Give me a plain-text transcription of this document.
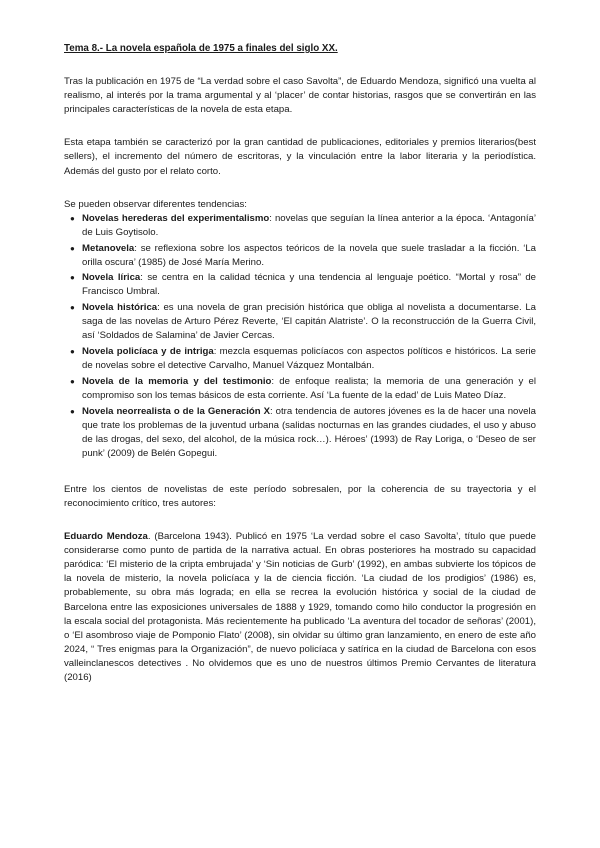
Tema 8.- La novela española de 1975 a finales del siglo XX.

Tras la publicación en 1975 de “La verdad sobre el caso Savolta”, de Eduardo Mendoza, significó una vuelta al realismo, al interés por la trama argumental y al ‘placer’ de contar historias, rasgos que se convertirán en las principales características de la novela de esta etapa.

Esta etapa también se caracterizó por la gran cantidad de publicaciones, editoriales y premios literarios(best sellers), el incremento del número de escritoras, y la vinculación entre la labor literaria y la periodística. Además del gusto por el relato corto.

Se pueden observar diferentes tendencias:

● Novelas herederas del experimentalismo: novelas que seguían la línea anterior a la época. ‘Antagonía’ de Luis Goytisolo.
● Metanovela: se reflexiona sobre los aspectos teóricos de la novela que suele trasladar a la ficción. ‘La orilla oscura’ (1985) de José María Merino.
● Novela lírica: se centra en la calidad técnica y una tendencia al lenguaje poético. “Mortal y rosa” de Francisco Umbral.
● Novela histórica: es una novela de gran precisión histórica que obliga al novelista a documentarse. La saga de las novelas de Arturo Pérez Reverte, ‘El capitán Alatriste’. O la reconstrucción de la Guerra Civil, así ‘Soldados de Salamina’ de Javier Cercas.
● Novela policíaca y de intriga: mezcla esquemas policíacos con aspectos políticos e históricos. La serie de novelas sobre el detective Carvalho, Manuel Vázquez Montalbán.
● Novela de la memoria y del testimonio: de enfoque realista; la memoria de una generación y el compromiso son los temas básicos de esta corriente. Así ‘La fuente de la edad’ de Luis Mateo Díaz.
● Novela neorrealista o de la Generación X: otra tendencia de autores jóvenes es la de hacer una novela que trate los problemas de la juventud urbana (salidas nocturnas en las grandes ciudades, el uso y abuso de las drogas, del sexo, del alcohol, de la música rock…). Héroes’ (1993) de Ray Loriga, o ‘Deseo de ser punk’ (2009) de Belén Gopegui.

Entre los cientos de novelistas de este período sobresalen, por la coherencia de su trayectoria y el reconocimiento crítico, tres autores:

Eduardo Mendoza. (Barcelona 1943). Publicó en 1975 ‘La verdad sobre el caso Savolta’, título que puede considerarse como punto de partida de la narrativa actual. En obras posteriores ha mostrado su capacidad paródica: ‘El misterio de la cripta embrujada’ y ‘Sin noticias de Gurb’ (1992), en ambas subvierte los tópicos de la novela de misterio, la novela policíaca y la de ciencia ficción. ‘La ciudad de los prodigios’ (1986) es, probablemente, su obra más lograda; en ella se recrea la evolución histórica y social de la ciudad de Barcelona entre las exposiciones universales de 1888 y 1929, tomando como hilo conductor la progresión en la escala social del protagonista. Más recientemente ha publicado ‘La aventura del tocador de señoras’ (2001), o ‘El asombroso viaje de Pomponio Flato’ (2008), sin olvidar su último gran lanzamiento, en enero de este año 2024, “ Tres enigmas para la Organización”, de nuevo policíaca y satírica en la ciudad de Barcelona con esos valleinclanescos detectives . No olvidemos que es uno de nuestros últimos Premio Cervantes de literatura (2016)
